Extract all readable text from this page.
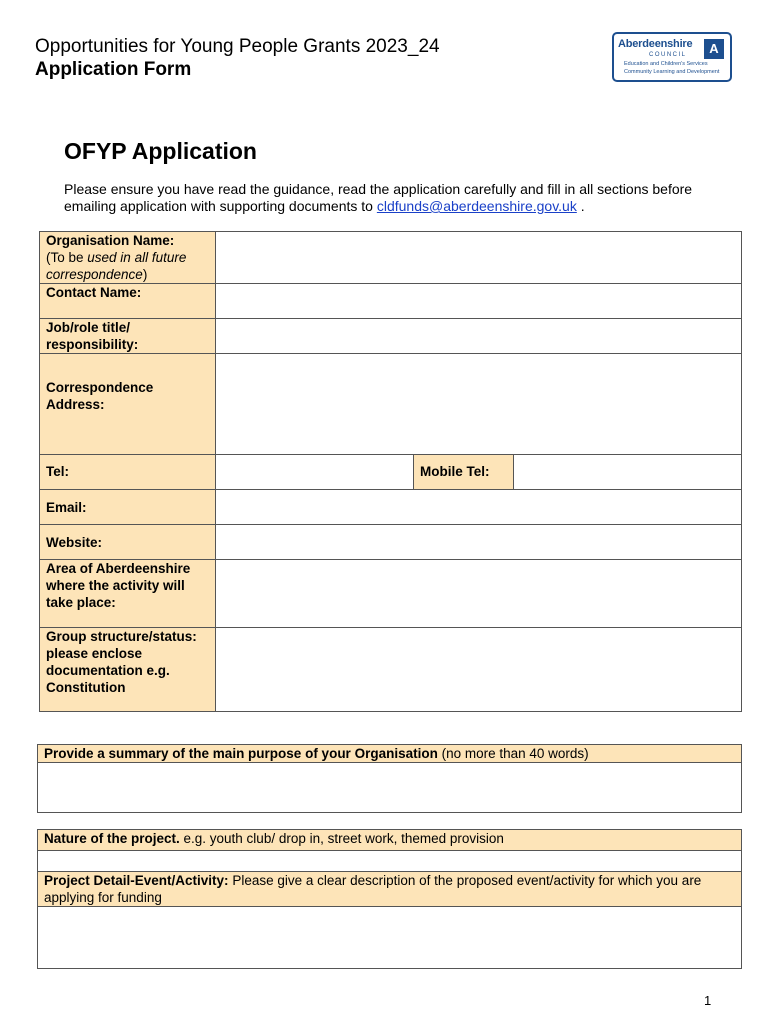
Opportunities for Young People Grants 2023_24
Application Form
Aberdeenshire	A
COUNCIL
Education and Children's Services
Community Learning and Development
OFYP Application
Please ensure you have read the guidance, read the application carefully and fill in all sections before emailing application with supporting documents to cldfunds@aberdeenshire.gov.uk .
Organisation Name:
(To be used in all future correspondence)			
Contact Name:			
Job/role title/ responsibility:			
Correspondence Address:			
Tel:		Mobile Tel:	
Email:			
Website:			
Area of Aberdeenshire where the activity will take place:			
Group structure/status: please enclose documentation e.g. Constitution			
Provide a summary of the main purpose of your Organisation (no more than 40 words)

Nature of the project. e.g. youth club/ drop in, street work, themed provision

Project Detail-Event/Activity: Please give a clear description of the proposed event/activity for which you are applying for funding

1
